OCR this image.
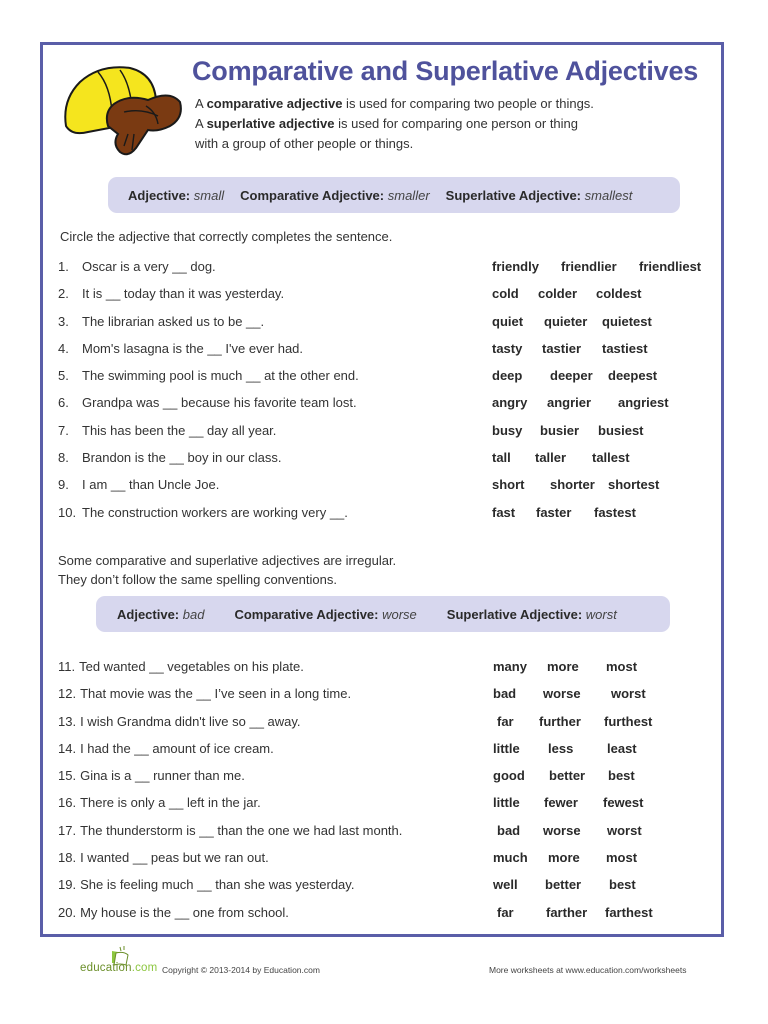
Comparative and Superlative Adjectives
A comparative adjective is used for comparing two people or things.
A superlative adjective is used for comparing one person or thing
with a group of other people or things.
Adjective: small Comparative Adjective: smaller Superlative Adjective: smallest
Circle the adjective that correctly completes the sentence.
1. Oscar is a very __ dog.	friendly friendlier friendliest
2. It is __ today than it was yesterday.	cold colder coldest
3. The librarian asked us to be __.	quiet quieter quietest
4. Mom's lasagna is the __ I've ever had.	tasty tastier tastiest
5. The swimming pool is much __ at the other end.	deep deeper deepest
6. Grandpa was __ because his favorite team lost.	angry angrier angriest
7. This has been the __ day all year.	busy busier busiest
8. Brandon is the __ boy in our class.	tall taller tallest
9. I am __ than Uncle Joe.	short shorter shortest
10. The construction workers are working very __.	fast faster fastest
Some comparative and superlative adjectives are irregular.
They don’t follow the same spelling conventions.
Adjective: bad Comparative Adjective: worse Superlative Adjective: worst
11. Ted wanted __ vegetables on his plate.	many more most
12. That movie was the __ I’ve seen in a long time.	bad worse worst
13. I wish Grandma didn't live so __ away.	far further furthest
14. I had the __ amount of ice cream.	little less	least
15. Gina is a __ runner than me.	good better best
16. There is only a __ left in the jar.	little fewer fewest
17. The thunderstorm is __ than the one we had last month.	bad worse worst
18. I wanted __ peas but we ran out.	much more most
19. She is feeling much __ than she was yesterday.	well better best
20. My house is the __ one from school.	far farther farthest
education.com Copyright © 2013-2014 by Education.com	More worksheets at www.education.com/worksheets
